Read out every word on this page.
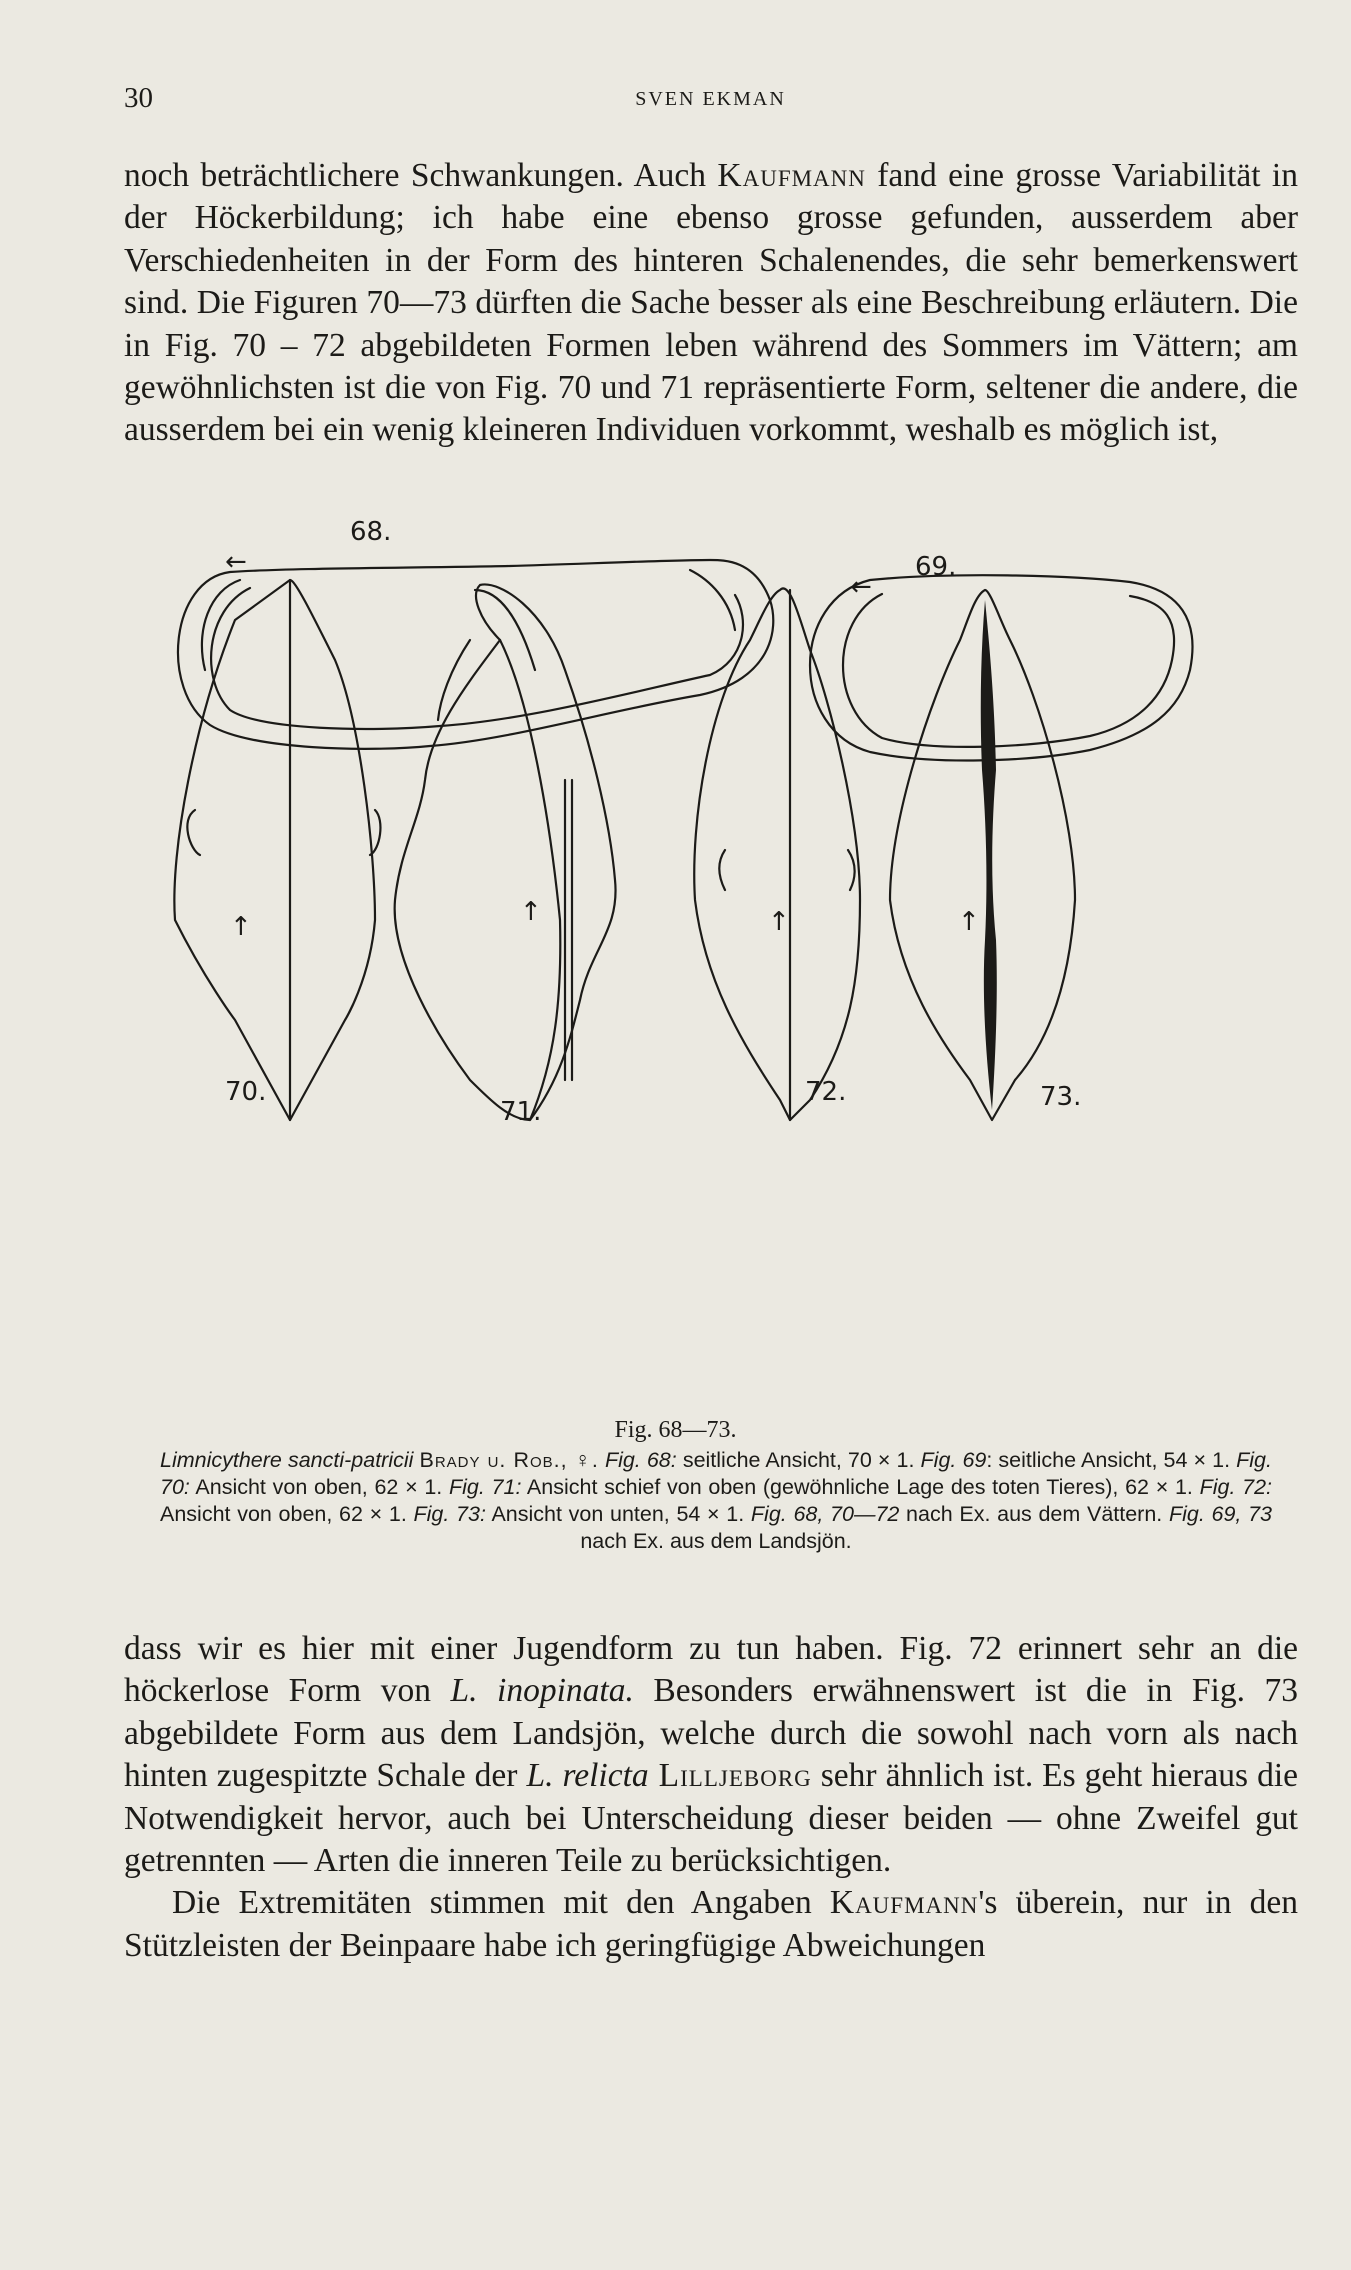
30	SVEN EKMAN

noch beträchtlichere Schwankungen. Auch Kaufmann fand eine grosse Variabilität in der Höckerbildung; ich habe eine ebenso grosse gefunden, ausserdem aber Verschiedenheiten in der Form des hinteren Schalenendes, die sehr bemerkenswert sind. Die Figuren 70—73 dürften die Sache besser als eine Beschreibung erläutern. Die in Fig. 70 – 72 abgebildeten Formen leben während des Sommers im Vättern; am gewöhnlichsten ist die von Fig. 70 und 71 repräsentierte Form, seltener die andere, die ausserdem bei ein wenig kleineren Individuen vorkommt, weshalb es möglich ist,

68.
69.
70.
71.
72.	73.
←
←
↑	↑	↑	↑
Fig. 68—73.
Limnicythere sancti-patricii Brady u. Rob., ♀. Fig. 68: seitliche Ansicht, 70 × 1. Fig. 69: seitliche Ansicht, 54 × 1. Fig. 70: Ansicht von oben, 62 × 1. Fig. 71: Ansicht schief von oben (gewöhnliche Lage des toten Tieres), 62 × 1. Fig. 72: Ansicht von oben, 62 × 1. Fig. 73: Ansicht von unten, 54 × 1. Fig. 68, 70—72 nach Ex. aus dem Vättern. Fig. 69, 73 nach Ex. aus dem Landsjön.

dass wir es hier mit einer Jugendform zu tun haben. Fig. 72 erinnert sehr an die höckerlose Form von L. inopinata. Besonders erwähnenswert ist die in Fig. 73 abgebildete Form aus dem Landsjön, welche durch die sowohl nach vorn als nach hinten zugespitzte Schale der L. relicta Lilljeborg sehr ähnlich ist. Es geht hieraus die Notwendigkeit hervor, auch bei Unterscheidung dieser beiden — ohne Zweifel gut getrennten — Arten die inneren Teile zu berücksichtigen.

Die Extremitäten stimmen mit den Angaben Kaufmann's überein, nur in den Stützleisten der Beinpaare habe ich geringfügige Abweichungen
